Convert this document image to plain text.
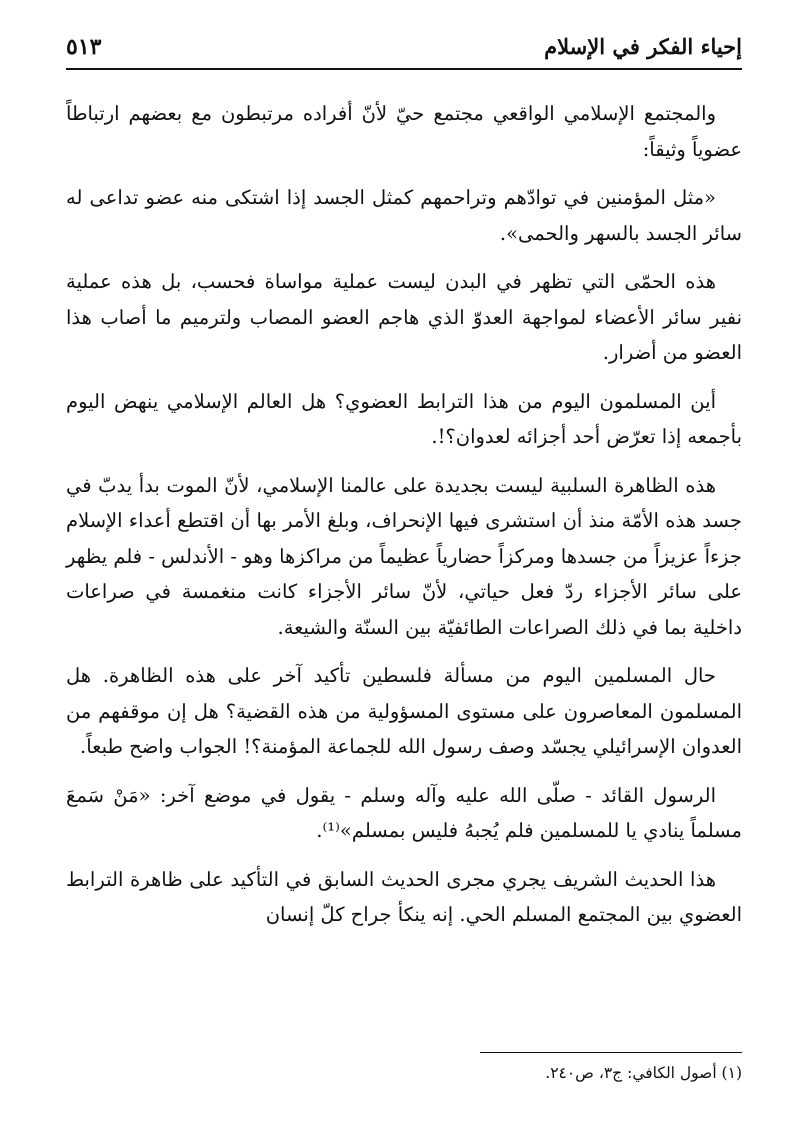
إحياء الفكر في الإسلام
٥١٣

والمجتمع الإسلامي الواقعي مجتمع حيّ لأنّ أفراده مرتبطون مع بعضهم ارتباطاً عضوياً وثيقاً:

«مثل المؤمنين في توادّهم وتراحمهم كمثل الجسد إذا اشتكى منه عضو تداعى له سائر الجسد بالسهر والحمى».

هذه الحمّى التي تظهر في البدن ليست عملية مواساة فحسب، بل هذه عملية نفير سائر الأعضاء لمواجهة العدوّ الذي هاجم العضو المصاب ولترميم ما أصاب هذا العضو من أضرار.

أين المسلمون اليوم من هذا الترابط العضوي؟ هل العالم الإسلامي ينهض اليوم بأجمعه إذا تعرّض أحد أجزائه لعدوان؟!.

هذه الظاهرة السلبية ليست بجديدة على عالمنا الإسلامي، لأنّ الموت بدأ يدبّ في جسد هذه الأمّة منذ أن استشرى فيها الإنحراف، وبلغ الأمر بها أن اقتطع أعداء الإسلام جزءاً عزيزاً من جسدها ومركزاً حضارياً عظيماً من مراكزها وهو - الأندلس - فلم يظهر على سائر الأجزاء ردّ فعل حياتي، لأنّ سائر الأجزاء كانت منغمسة في صراعات داخلية بما في ذلك الصراعات الطائفيّة بين السنّة والشيعة.

حال المسلمين اليوم من مسألة فلسطين تأكيد آخر على هذه الظاهرة. هل المسلمون المعاصرون على مستوى المسؤولية من هذه القضية؟ هل إن موقفهم من العدوان الإسرائيلي يجسّد وصف رسول الله للجماعة المؤمنة؟! الجواب واضح طبعاً.

الرسول القائد - صلّى الله عليه وآله وسلم - يقول في موضع آخر: «مَنْ سَمعَ مسلماً ينادي يا للمسلمين فلم يُجبهُ فليس بمسلم»⁽¹⁾.

هذا الحديث الشريف يجري مجرى الحديث السابق في التأكيد على ظاهرة الترابط العضوي بين المجتمع المسلم الحي. إنه ينكأ جراح كلّ إنسان

(١) أصول الكافي: ج٣، ص٢٤٠.
